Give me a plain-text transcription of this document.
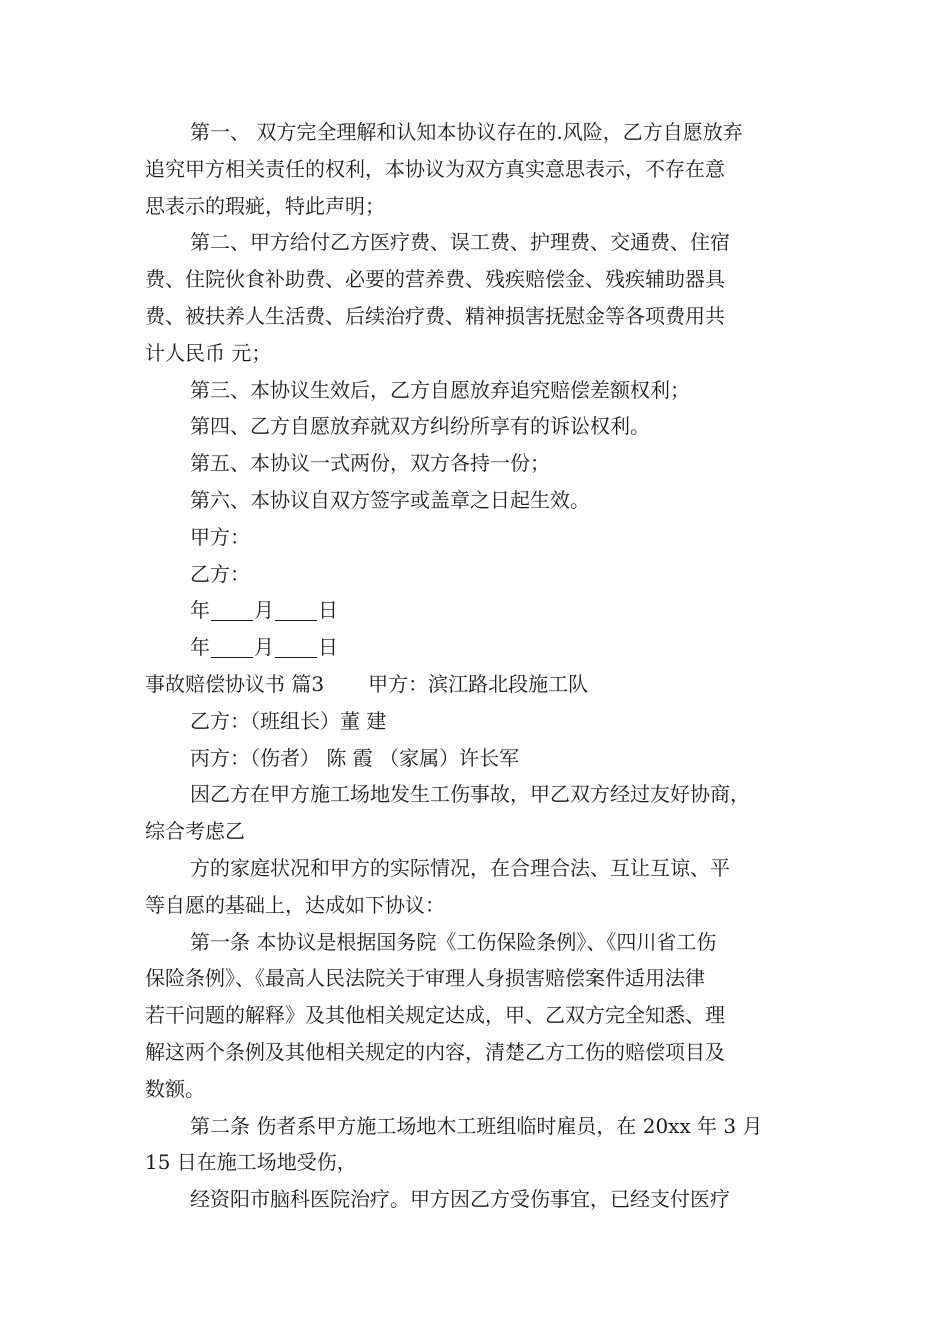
第一、 双方完全理解和认知本协议存在的.风险，乙方自愿放弃
追究甲方相关责任的权利，本协议为双方真实意思表示，不存在意
思表示的瑕疵，特此声明；
第二、甲方给付乙方医疗费、误工费、护理费、交通费、住宿
费、住院伙食补助费、必要的营养费、残疾赔偿金、残疾辅助器具
费、被扶养人生活费、后续治疗费、精神损害抚慰金等各项费用共
计人民币 元；
第三、本协议生效后，乙方自愿放弃追究赔偿差额权利；
第四、乙方自愿放弃就双方纠纷所享有的诉讼权利。
第五、本协议一式两份，双方各持一份；
第六、本协议自双方签字或盖章之日起生效。
甲方：
乙方：
年 月 日
年 月 日
事故赔偿协议书 篇3 甲方：滨江路北段施工队
乙方：（班组长）董 建
丙方：（伤者） 陈 霞 （家属）许长军
因乙方在甲方施工场地发生工伤事故，甲乙双方经过友好协商，
综合考虑乙
方的家庭状况和甲方的实际情况，在合理合法、互让互谅、平
等自愿的基础上，达成如下协议：
第一条 本协议是根据国务院《工伤保险条例》、《四川省工伤
保险条例》、《最高人民法院关于审理人身损害赔偿案件适用法律
若干问题的解释》及其他相关规定达成，甲、乙双方完全知悉、理
解这两个条例及其他相关规定的内容，清楚乙方工伤的赔偿项目及
数额。
第二条 伤者系甲方施工场地木工班组临时雇员，在 20xx 年 3 月
15 日在施工场地受伤，
经资阳市脑科医院治疗。甲方因乙方受伤事宜，已经支付医疗
